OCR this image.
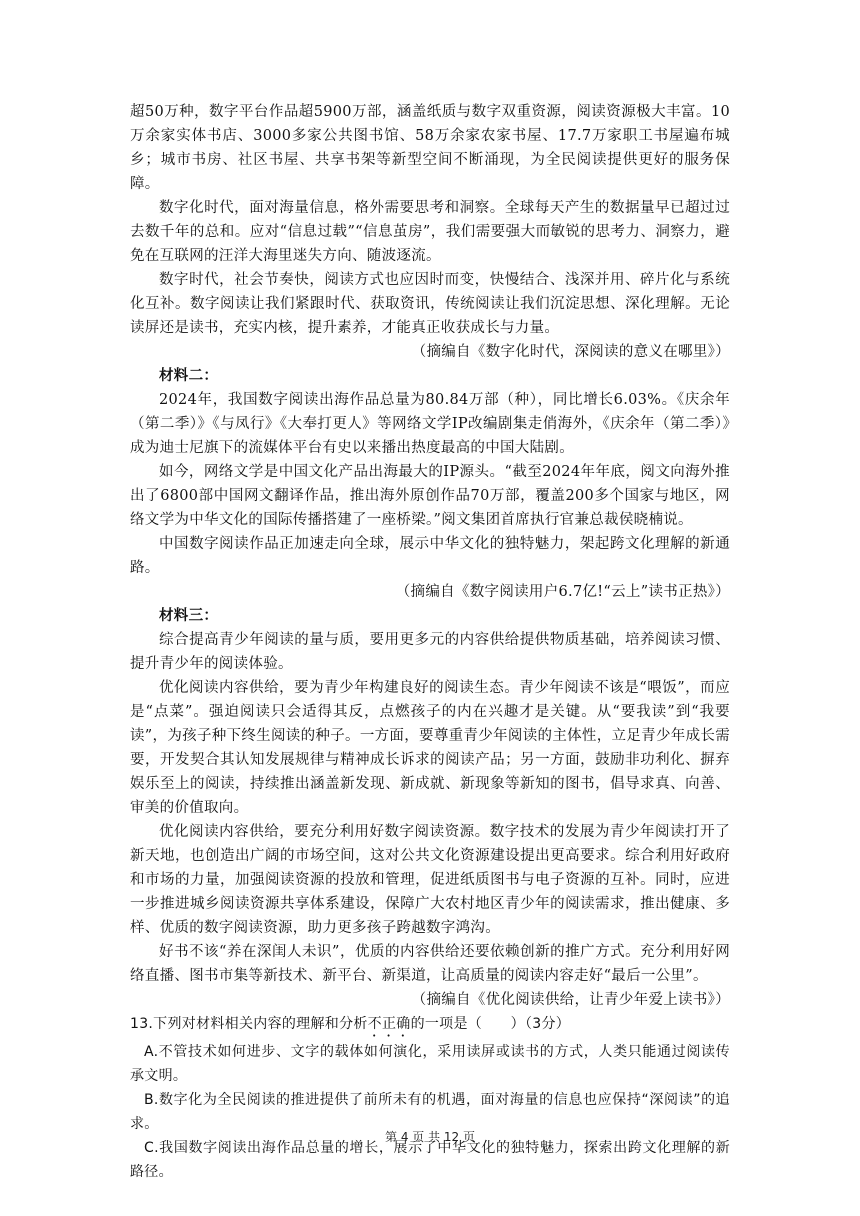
超50万种，数字平台作品超5900万部，涵盖纸质与数字双重资源，阅读资源极大丰富。10万余家实体书店、3000多家公共图书馆、58万余家农家书屋、17.7万家职工书屋遍布城乡；城市书房、社区书屋、共享书架等新型空间不断涌现，为全民阅读提供更好的服务保障。

数字化时代，面对海量信息，格外需要思考和洞察。全球每天产生的数据量早已超过过去数千年的总和。应对“信息过载”“信息茧房”，我们需要强大而敏锐的思考力、洞察力，避免在互联网的汪洋大海里迷失方向、随波逐流。

数字时代，社会节奏快，阅读方式也应因时而变，快慢结合、浅深并用、碎片化与系统化互补。数字阅读让我们紧跟时代、获取资讯，传统阅读让我们沉淀思想、深化理解。无论读屏还是读书，充实内核，提升素养，才能真正收获成长与力量。

（摘编自《数字化时代，深阅读的意义在哪里》）

材料二：

2024年，我国数字阅读出海作品总量为80.84万部（种），同比增长6.03%。《庆余年（第二季）》《与凤行》《大奉打更人》等网络文学IP改编剧集走俏海外，《庆余年（第二季）》成为迪士尼旗下的流媒体平台有史以来播出热度最高的中国大陆剧。

如今，网络文学是中国文化产品出海最大的IP源头。“截至2024年年底，阅文向海外推出了6800部中国网文翻译作品，推出海外原创作品70万部，覆盖200多个国家与地区，网络文学为中华文化的国际传播搭建了一座桥梁。”阅文集团首席执行官兼总裁侯晓楠说。

中国数字阅读作品正加速走向全球，展示中华文化的独特魅力，架起跨文化理解的新通路。

（摘编自《数字阅读用户6.7亿!“云上”读书正热》）

材料三：

综合提高青少年阅读的量与质，要用更多元的内容供给提供物质基础，培养阅读习惯、提升青少年的阅读体验。

优化阅读内容供给，要为青少年构建良好的阅读生态。青少年阅读不该是“喂饭”，而应是“点菜”。强迫阅读只会适得其反，点燃孩子的内在兴趣才是关键。从“要我读”到“我要读”，为孩子种下终生阅读的种子。一方面，要尊重青少年阅读的主体性，立足青少年成长需要，开发契合其认知发展规律与精神成长诉求的阅读产品；另一方面，鼓励非功利化、摒弃娱乐至上的阅读，持续推出涵盖新发现、新成就、新现象等新知的图书，倡导求真、向善、审美的价值取向。

优化阅读内容供给，要充分利用好数字阅读资源。数字技术的发展为青少年阅读打开了新天地，也创造出广阔的市场空间，这对公共文化资源建设提出更高要求。综合利用好政府和市场的力量，加强阅读资源的投放和管理，促进纸质图书与电子资源的互补。同时，应进一步推进城乡阅读资源共享体系建设，保障广大农村地区青少年的阅读需求，推出健康、多样、优质的数字阅读资源，助力更多孩子跨越数字鸿沟。

好书不该“养在深闺人未识”，优质的内容供给还要依赖创新的推广方式。充分利用好网络直播、图书市集等新技术、新平台、新渠道，让高质量的阅读内容走好“最后一公里”。

（摘编自《优化阅读供给，让青少年爱上读书》）

13.下列对材料相关内容的理解和分析不正确的一项是（　　）（3分）

A.不管技术如何进步、文字的载体如何演化，采用读屏或读书的方式，人类只能通过阅读传承文明。

B.数字化为全民阅读的推进提供了前所未有的机遇，面对海量的信息也应保持“深阅读”的追求。

C.我国数字阅读出海作品总量的增长，展示了中华文化的独特魅力，探索出跨文化理解的新路径。

第 4 页 共 12 页
